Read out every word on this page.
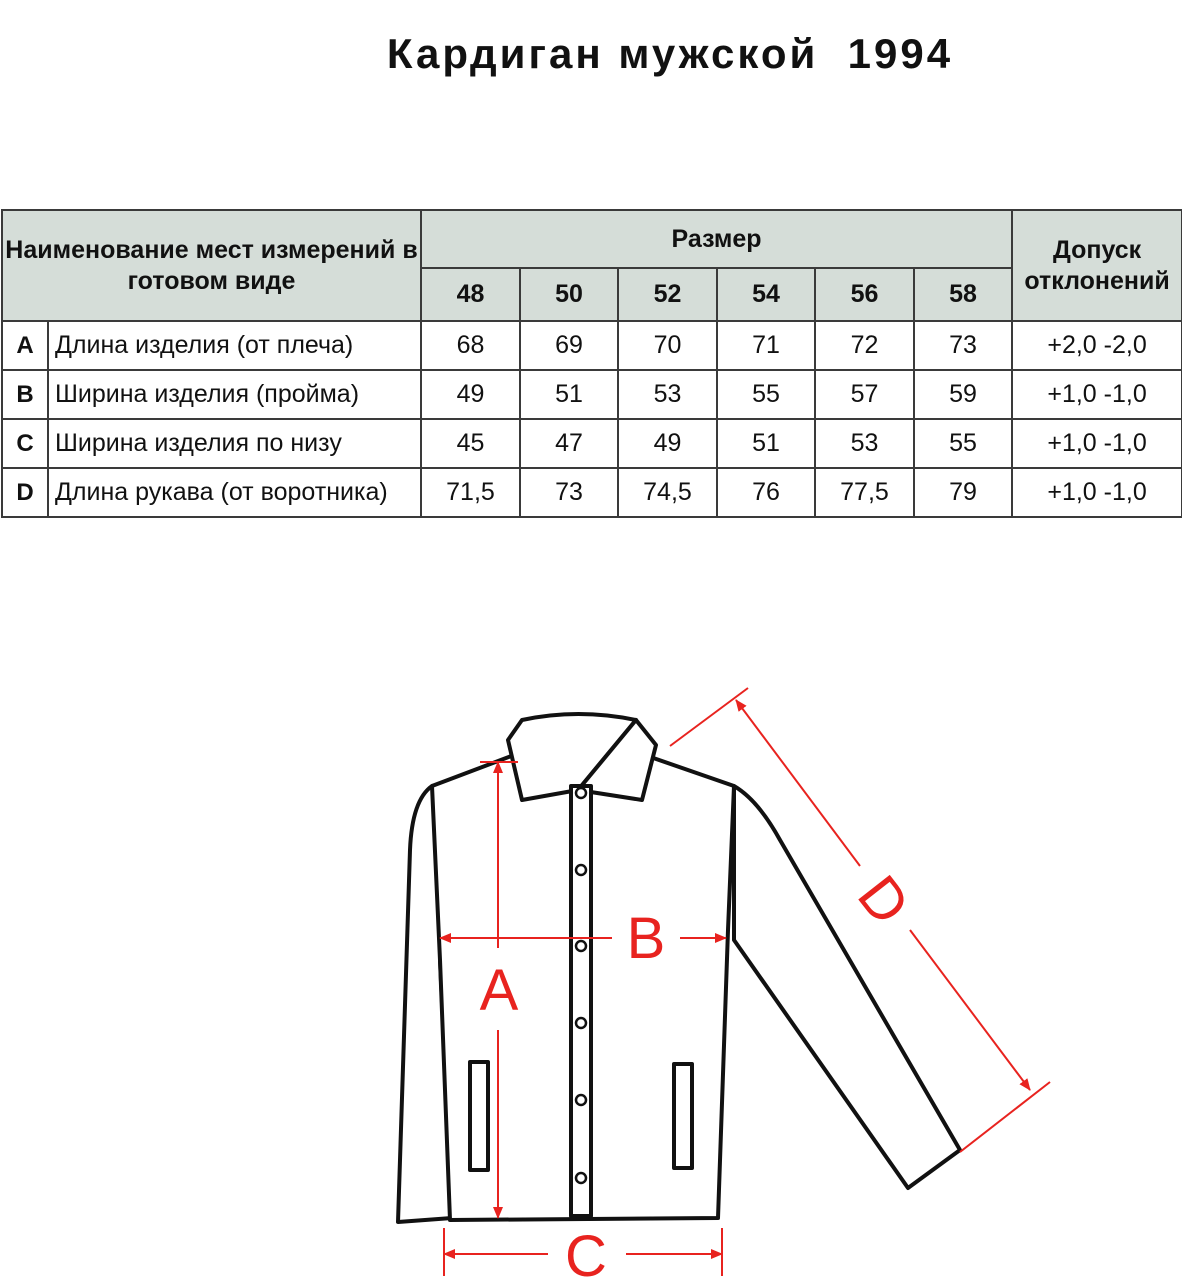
Кардиган мужской  1994
Наименование мест измерений в готовом виде		Размер						Допуск отклонений
		48	50	52	54	56	58	
A	Длина изделия (от плеча)	68	69	70	71	72	73	+2,0 -2,0
B	Ширина изделия (пройма)	49	51	53	55	57	59	+1,0 -1,0
C	Ширина изделия по низу	45	47	49	51	53	55	+1,0 -1,0
D	Длина рукава (от воротника)	71,5	73	74,5	76	77,5	79	+1,0 -1,0
A
B
C
D
